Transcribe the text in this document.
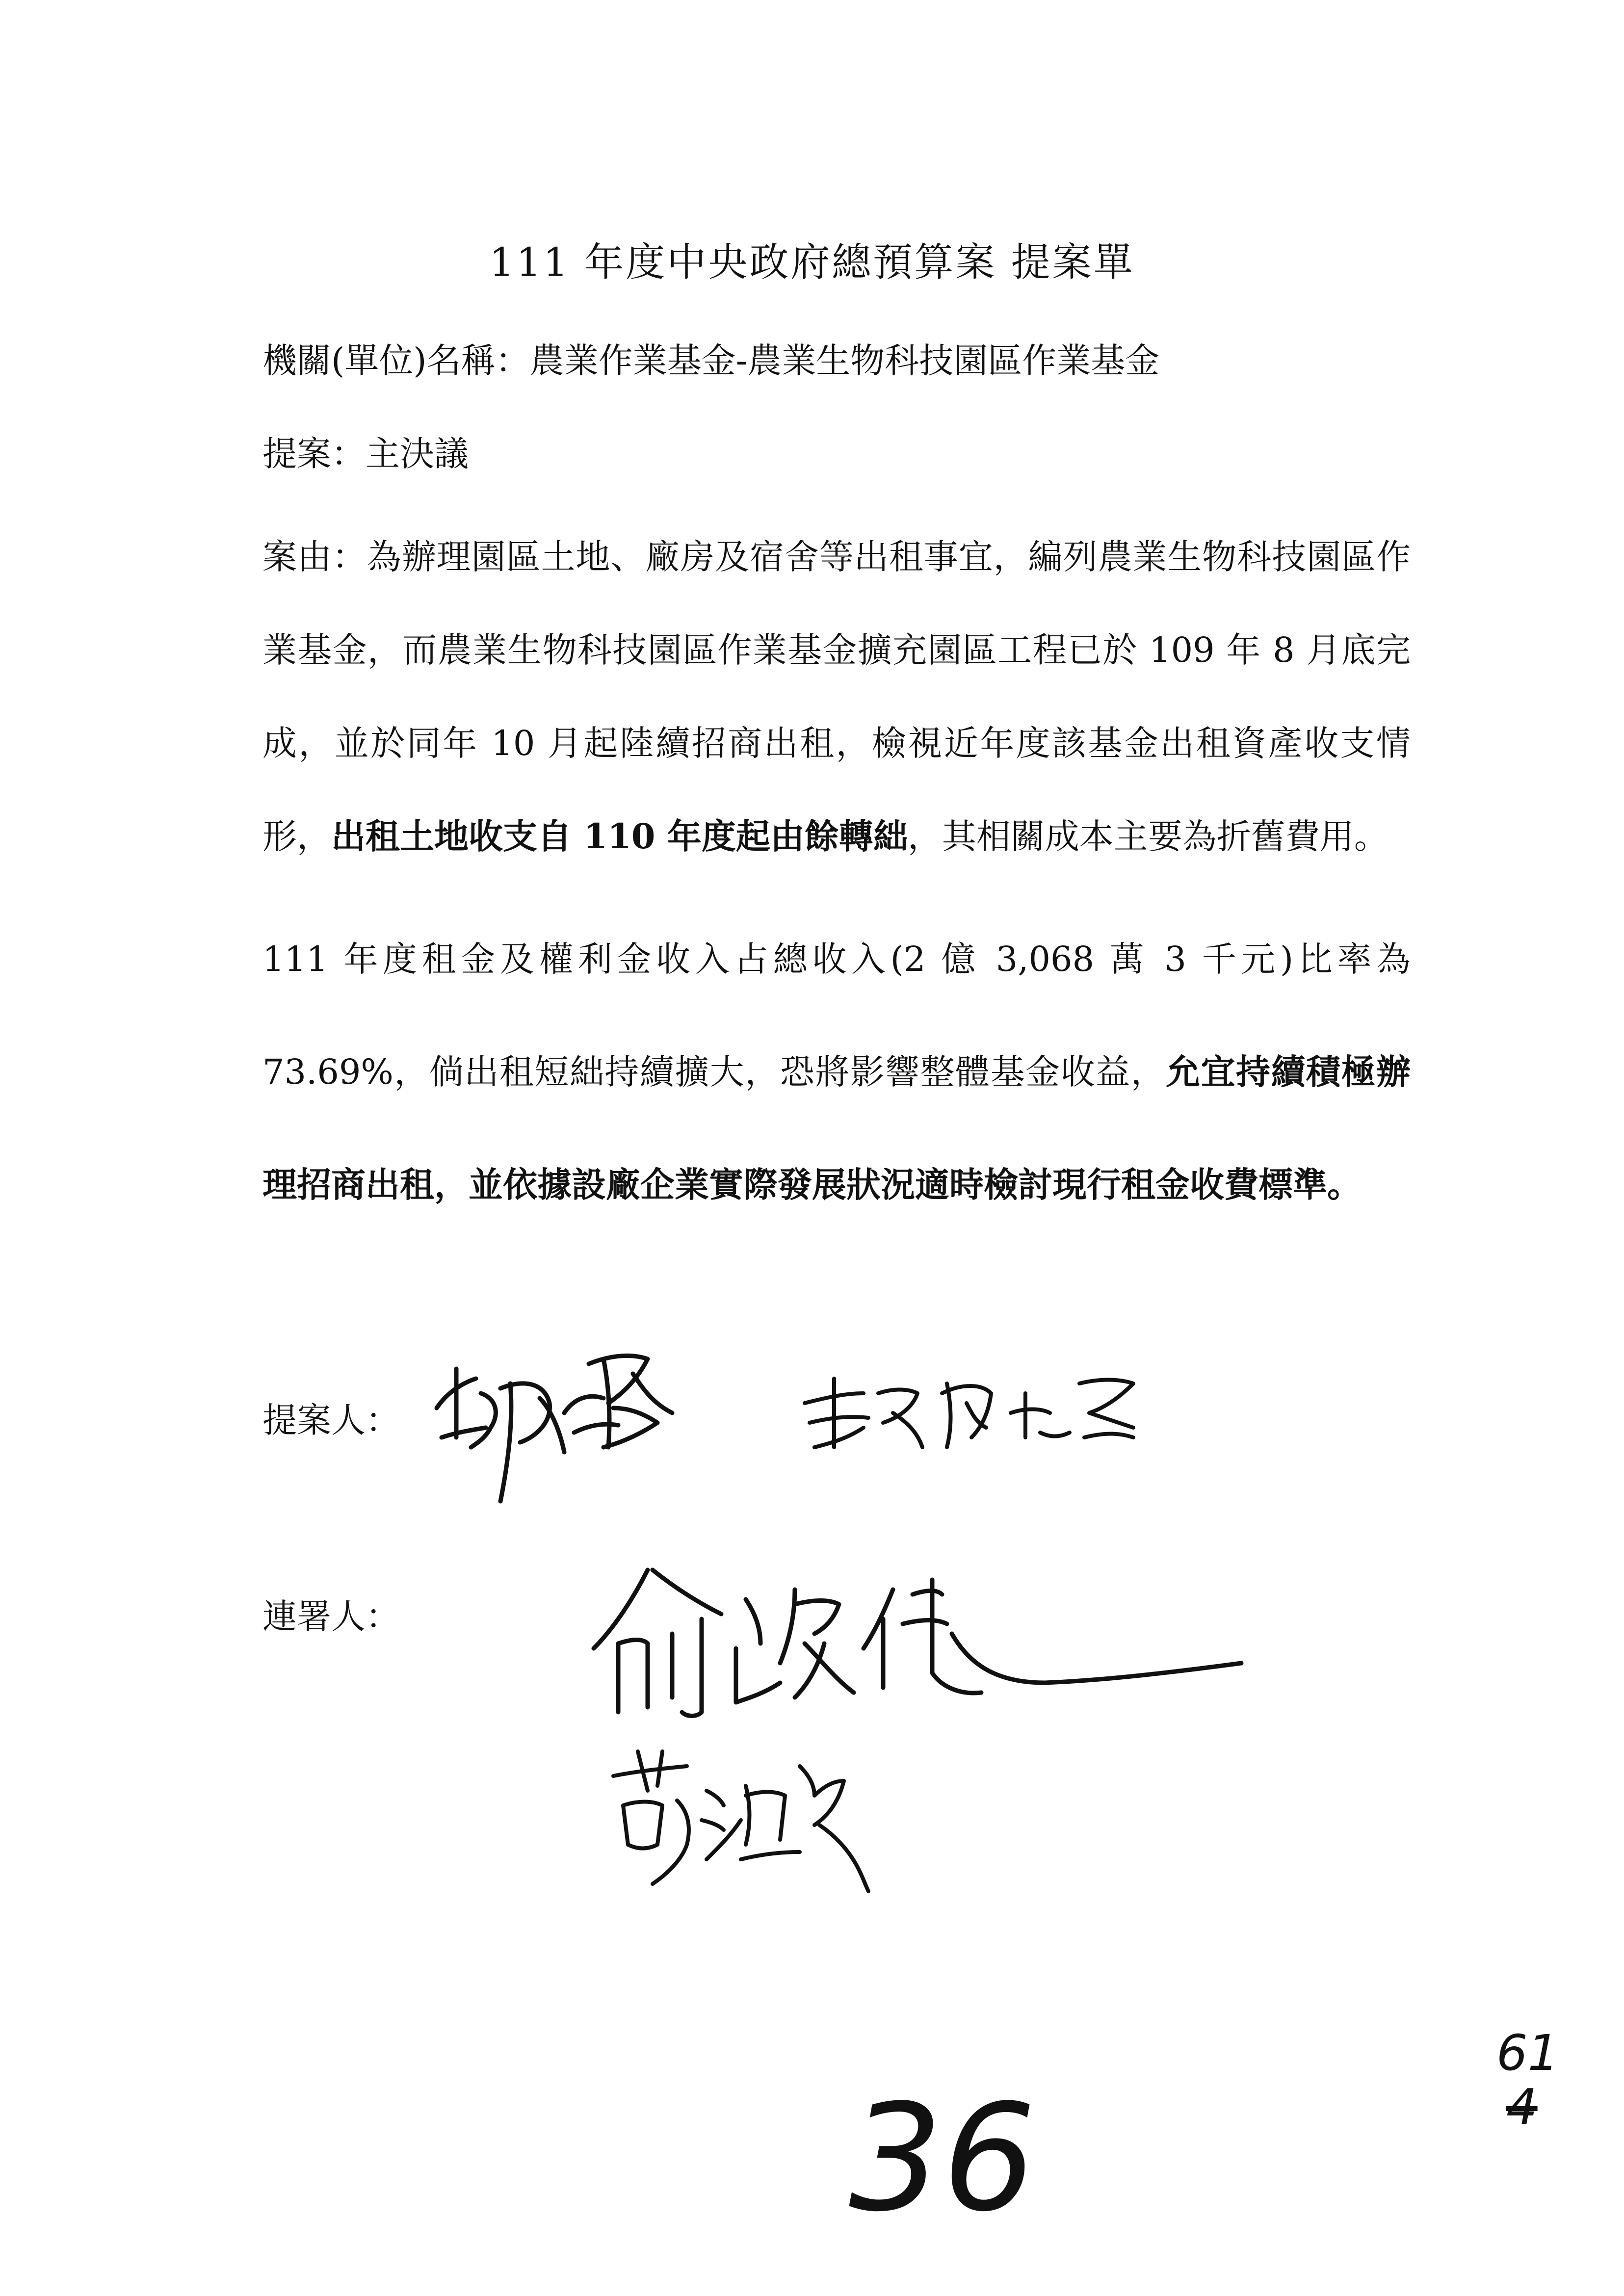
111 年度中央政府總預算案 提案單
機關(單位)名稱：農業作業基金-農業生物科技園區作業基金
提案：主決議
案由：為辦理園區土地、廠房及宿舍等出租事宜，編列農業生物科技園區作業基金，而農業生物科技園區作業基金擴充園區工程已於 109 年 8 月底完成，並於同年 10 月起陸續招商出租，檢視近年度該基金出租資產收支情形，出租土地收支自 110 年度起由餘轉絀，其相關成本主要為折舊費用。
111 年度租金及權利金收入占總收入(2 億 3,068 萬 3 千元)比率為 73.69%，倘出租短絀持續擴大，恐將影響整體基金收益，允宜持續積極辦理招商出租，並依據設廠企業實際發展狀況適時檢討現行租金收費標準。
提案人：
連署人：
36
61
4
